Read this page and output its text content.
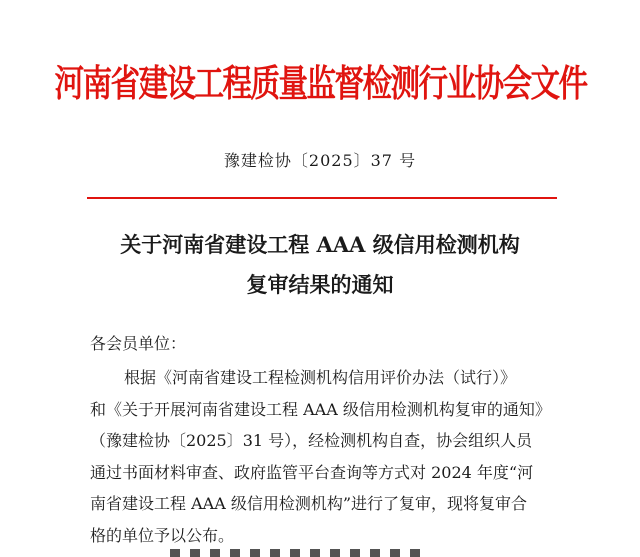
河南省建设工程质量监督检测行业协会文件
豫建检协〔2025〕37 号
关于河南省建设工程 AAA 级信用检测机构
复审结果的通知
各会员单位：
根据《河南省建设工程检测机构信用评价办法（试行）》
和《关于开展河南省建设工程 AAA 级信用检测机构复审的通知》
（豫建检协〔2025〕31 号），经检测机构自查，协会组织人员
通过书面材料审查、政府监管平台查询等方式对 2024 年度“河
南省建设工程 AAA 级信用检测机构”进行了复审，现将复审合
格的单位予以公布。
